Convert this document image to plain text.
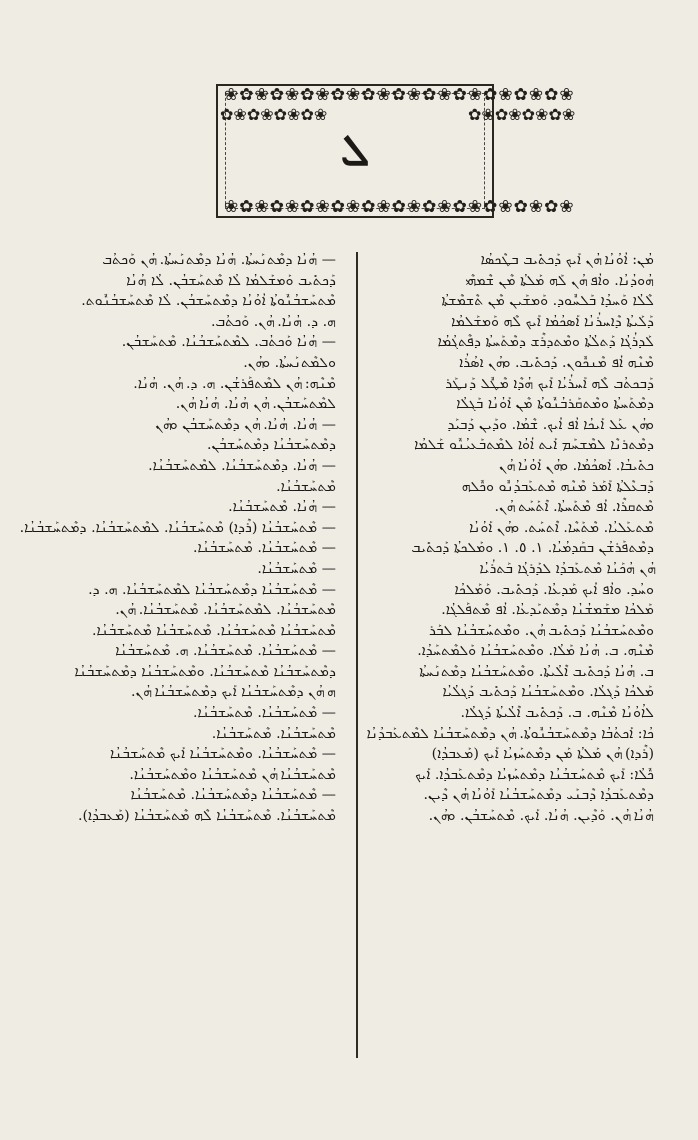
❀✿❀✿❀✿❀✿❀✿❀✿❀✿❀✿❀✿❀✿❀✿❀
✿❀✿❀✿❀✿❀	✿❀✿❀✿❀✿❀
ܠ
❀✿❀✿❀✿❀✿❀✿❀✿❀✿❀✿❀✿❀✿❀✿❀
ܡܳܢ: ܐܳܘܳܢܳܐ ܗܳܢ ܐܰܝܟ ܕܰܟܬܺܝܒ ܒܛܶܟܣܳܐ
ܗܳܘܕܳܢܳܐ. ܘܐܳܦ ܗܳܢ ܠܰܗ ܡܰܠܬܳܐ ܡܶܢ ܫܶܡܗܶܝ
ܠܶܠܳܐ ܘܰܚܕܳܐ ܒܰܠܚܽܘܕ. ܘܰܡܫܰܝܢ ܡܶܢ ܬܶܫܡܶܫܬܳܐ
ܕܰܠܰܝܬܳܐ ܕܶܐܚܪܳܢܳܐ ܐܰܣܟܳܡܳܐ ܐܰܝܟ ܠܶܗ ܘܰܡܫܰܠܡܳܐ
ܠܰܕܪܳܓܳܐ ܕܰܬܠܳܬܳܐ ܘܡܶܬܕܪܶܫ ܕܡܶܬܰܚܬܳܐ ܕܦܶܬܓܳܡܳܐ
ܡܶܢܶܗ ܐܳܦ ܡܶܢܟܽܘܢ. ܕܰܟܬܺܝܒ. ܘܗܳܢ ܐܣܳܪܳܐ
ܕܰܒܟܬܳܒ ܠܶܗ ܐܰܚܪܳܝܳܐ ܐܰܝܟ ܗܳܕܶܐ ܡܶܛܽܠ ܕܰܢܛܰܪ
ܕܡܶܬܰܚܬܳܐ ܘܡܶܬܩܰܪܒܳܢܽܘܬܳܐ ܡܶܢ ܐܰܘܳܢܳܐ ܒܰܓܠܳܐ
ܘܗܳܢ ܥܰܠ ܐܰܝܟܳܐ ܐܳܦ ܐܳܝܟ. ܫܶܡܳܐ. ܘܕܰܝܢ ܕܰܒܝܰܕ
ܕܡܶܬܪܢܶܐ ܠܡܶܫܚܰܡ ܐܰܝܬ ܐܳܘܳܐ ܠܡܶܬܒܰܥܝܳܢܽܘ ܫܰܠܡܳܐ
ܟܬܺܝܒܳܐ. ܐܰܣܟܳܡܳܐ. ܘܗܳܢ ܐܰܘܳܢܳܐ ܗܳܢ
ܕܰܒܥܶܠܬܳܐ ܐܰܡܰܪ ܡܶܢܶܗ ܡܶܬܥܰܒܕܳܢܽܘ ܘܟܽܠܗ
ܡܶܬܩܪܶܐ. ܐܳܦ ܡܶܬܰܚܬܳܐ. ܐܶܬܰܚܰܬ ܗܳܢ.
ܡܶܬܥܰܠܝܳܐ. ܡܶܬܰܚܶܐ. ܐܶܬܚܰܬ. ܘܗܳܢ ܐܰܘܳܢܳܐ
ܕܡܶܬܦܰܪܫܳܢ ܒܩܰܕܡܳܝܳܐ. ١. ٥. ١. ܘܡܰܠܟܬܳܐ ܕܰܟܬܺܝܒ
ܗܳܢ ܗܳܟܰܢܳܐ ܡܶܬܥܰܒܕܳܐ ܠܕܰܪܓܳܐ ܒܰܬܪܳܝܳܐ
ܘܚܳܕ. ܘܐܳܦ ܐܳܝܟ ܡܰܕܥܳܐ. ܕܰܟܬܺܝܒ. ܘܰܡܰܠܟܳܐ
ܡܰܠܟܳܐ ܡܫܰܡܫܳܢܳܐ ܕܡܶܬܝܰܕܥܳܐ. ܐܳܦ ܡܶܬܦܰܠܓܳܐ.
ܘܡܶܬܚܰܫܒܳܢܳܐ ܕܰܟܬܺܝܒ ܗܳܢ. ܘܡܶܬܚܰܫܒܳܢܳܐ ܠܒܰܪ
ܡܶܢܶܗ. ܒ. ܗܳܢܳܐ ܡܰܠܳܐ. ܘܡܶܬܚܰܫܒܳܢܳܐ ܘܰܠܡܶܬܚܰܕܳܐ.
ܒ. ܗܳܢܳܐ ܕܰܟܬܺܝܒ ܐܶܠܳܝܬܳܐ. ܘܡܶܬܚܰܫܒܳܢܳܐ ܕܡܶܬܢܰܚܬܳܐ
ܡܰܠܟܳܐ ܕܰܓܠܳܐ. ܘܡܶܬܚܰܫܒܳܢܳܐ ܕܰܟܬܺܝܒ ܕܰܓܠܳܝܳܐ
ܠܐܳܘܳܢܳܐ ܡܶܢܶܗ. ܒ. ܕܰܟܬܺܝܒ ܐܶܠܳܝܬܳܐ ܕܰܓܠܳܐ.
ܟܳܐ: ܐܰܟܬܳܒܳܐ ܕܡܶܬܚܰܫܒܳܢܽܘܬܳܐ. ܗܳܢ ܕܡܶܬܚܰܫܒܳܢܳܐ ܠܡܶܬܥܰܒܕܳܢܳܐ
(ܪܶܕܐ) ܗܳܢ ܡܰܠܬܳܐ ܡܰܢ ܕܡܶܬܚܰܙܝܳܐ ܐܰܝܟ (ܡܰܥܒܕܳܐ)
ܟܽܠܳܐ: ܐܰܝܟ ܡܶܬܚܰܫܒܳܢܳܐ ܕܡܶܬܚܰܙܝܳܐ ܕܡܶܬܥܰܒܕܳܐ. ܐܰܝܟ
ܕܡܶܬܥܰܒܕܳܐ ܕܶܒܢܰܝ ܕܡܶܬܚܰܫܒܳܢܳܐ ܐܰܘܳܢܳܐ ܗܳܢ ܕܶܝܢ.
ܗܳܢܳܐ ܗܳܢ. ܘܰܕܶܝܢ. ܗܳܢܳܐ. ܐܰܝܟ. ܡܶܬܚܰܫܒܳܢ. ܘܗܳܢ.
— ܗܳܢܳܐ ܕܡܶܬܢܰܚܬܳܐ. ܗܳܢܳܐ ܕܡܶܬܢܰܚܬܳܐ. ܗܳܢ ܘܰܟܬܳܒ
ܕܰܟܬܺܝܒ ܘܰܡܫܰܠܡܳܐ ܠܳܐ ܡܶܬܚܰܫܒܳܢ. ܠܳܐ ܗܳܢܳܐ
ܡܶܬܚܰܫܒܳܢܽܘܬܳܐ ܐܳܘܳܢܳܐ ܕܡܶܬܚܰܫܒܳܢ. ܠܳܐ ܡܶܬܚܰܫܒܳܢܽܘܬ.
ܗ. ܕ. ܗܳܢܳܐ. ܗܳܢ. ܘܰܟܬܳܒ.
— ܗܳܢܳܐ ܘܰܟܬܳܒ. ܠܡܶܬܚܰܫܒܳܢܳܐ. ܡܶܬܚܰܫܒܳܢ.
ܘܠܡܶܬܢܰܚܬܳܐ. ܘܗܳܢ.
ܡܶܢܶܗ: ܗܳܢ ܠܡܶܬܦܰܪܫܳܢ. ܗ. ܕ. ܗܳܢ. ܗܳܢܳܐ.
ܠܡܶܬܚܰܫܒܳܢ. ܗܳܢ ܗܳܢܳܐ. ܗܳܢܳܐ ܗܳܢ.
— ܗܳܢܳܐ. ܗܳܢܳܐ. ܗܳܢ ܕܡܶܬܚܰܫܒܳܢ ܘܗܳܢ
ܕܡܶܬܚܰܫܒܳܢܳܐ ܕܡܶܬܚܰܫܒܳܢ.
— ܗܳܢܳܐ. ܕܡܶܬܚܰܫܒܳܢܳܐ. ܠܡܶܬܚܰܫܒܳܢܳܐ.
ܡܶܬܚܰܫܒܳܢܳܐ.
— ܗܳܢܳܐ. ܡܶܬܚܰܫܒܳܢܳܐ.
— ܡܶܬܚܰܫܒܳܢܳܐ (ܪܶܕܐ) ܡܶܬܚܰܫܒܳܢܳܐ. ܠܡܶܬܚܰܫܒܳܢܳܐ. ܕܡܶܬܚܰܫܒܳܢܳܐ.
— ܡܶܬܚܰܫܒܳܢܳܐ. ܡܶܬܚܰܫܒܳܢܳܐ.
— ܡܶܬܚܰܫܒܳܢܳܐ.
— ܡܶܬܚܰܫܒܳܢܳܐ ܕܡܶܬܚܰܫܒܳܢܳܐ ܠܡܶܬܚܰܫܒܳܢܳܐ. ܗ. ܕ.
ܡܶܬܚܰܫܒܳܢܳܐ. ܠܡܶܬܚܰܫܒܳܢܳܐ. ܡܶܬܚܰܫܒܳܢܳܐ. ܗܳܢ.
ܡܶܬܚܰܫܒܳܢܳܐ ܡܶܬܚܰܫܒܳܢܳܐ. ܡܶܬܚܰܫܒܳܢܳܐ ܡܶܬܚܰܫܒܳܢܳܐ.
— ܡܶܬܚܰܫܒܳܢܳܐ. ܡܶܬܚܰܫܒܳܢܳܐ. ܗ. ܡܶܬܚܰܫܒܳܢܳܐ
ܕܡܶܬܚܰܫܒܳܢܳܐ ܡܶܬܚܰܫܒܳܢܳܐ. ܘܡܶܬܚܰܫܒܳܢܳܐ ܕܡܶܬܚܰܫܒܳܢܳܐ
ܗ ܗܳܢ ܕܡܶܬܚܰܫܒܳܢܳܐ ܐܰܝܟ ܕܡܶܬܚܰܫܒܳܢܳܐ ܗܳܢ.
— ܡܶܬܚܰܫܒܳܢܳܐ. ܡܶܬܚܰܫܒܳܢܳܐ.
ܡܶܬܚܰܫܒܳܢܳܐ. ܡܶܬܚܰܫܒܳܢܳܐ.
— ܡܶܬܚܰܫܒܳܢܳܐ. ܘܡܶܬܚܰܫܒܳܢܳܐ ܐܰܝܟ ܡܶܬܚܰܫܒܳܢܳܐ
ܡܶܬܚܰܫܒܳܢܳܐ ܗܳܢ ܡܶܬܚܰܫܒܳܢܳܐ ܘܡܶܬܚܰܫܒܳܢܳܐ.
— ܡܶܬܚܰܫܒܳܢܳܐ ܕܡܶܬܚܰܫܒܳܢܳܐ. ܡܶܬܚܰܫܒܳܢܳܐ
ܡܶܬܚܰܫܒܳܢܳܐ. ܡܶܬܚܰܫܒܳܢܳܐ ܠܶܗ ܡܶܬܚܰܫܒܳܢܳܐ (ܡܰܥܒܕܳܐ).
